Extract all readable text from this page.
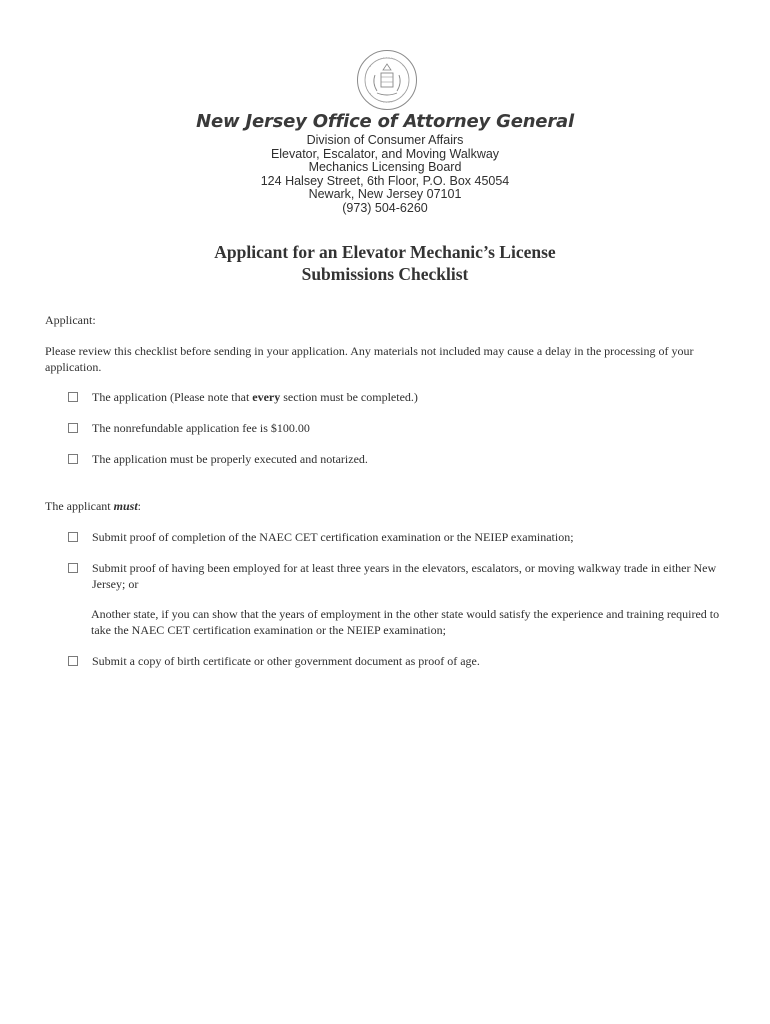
New Jersey Office of Attorney General
Division of Consumer Affairs
Elevator, Escalator, and Moving Walkway
Mechanics Licensing Board
124 Halsey Street, 6th Floor, P.O. Box 45054
Newark, New Jersey 07101
(973) 504-6260
Applicant for an Elevator Mechanic’s License
Submissions Checklist
Applicant:
Please review this checklist before sending in your application. Any materials not included may cause a delay in the processing of your application.
The application (Please note that every section must be completed.)
The nonrefundable application fee is $100.00
The application must be properly executed and notarized.
The applicant must:
Submit proof of completion of the NAEC CET certification examination or the NEIEP examination;
Submit proof of having been employed for at least three years in the elevators, escalators, or moving walkway trade in either New Jersey; or
Another state, if you can show that the years of employment in the other state would satisfy the experience and training required to take the NAEC CET certification examination or the NEIEP examination;
Submit a copy of birth certificate or other government document as proof of age.
